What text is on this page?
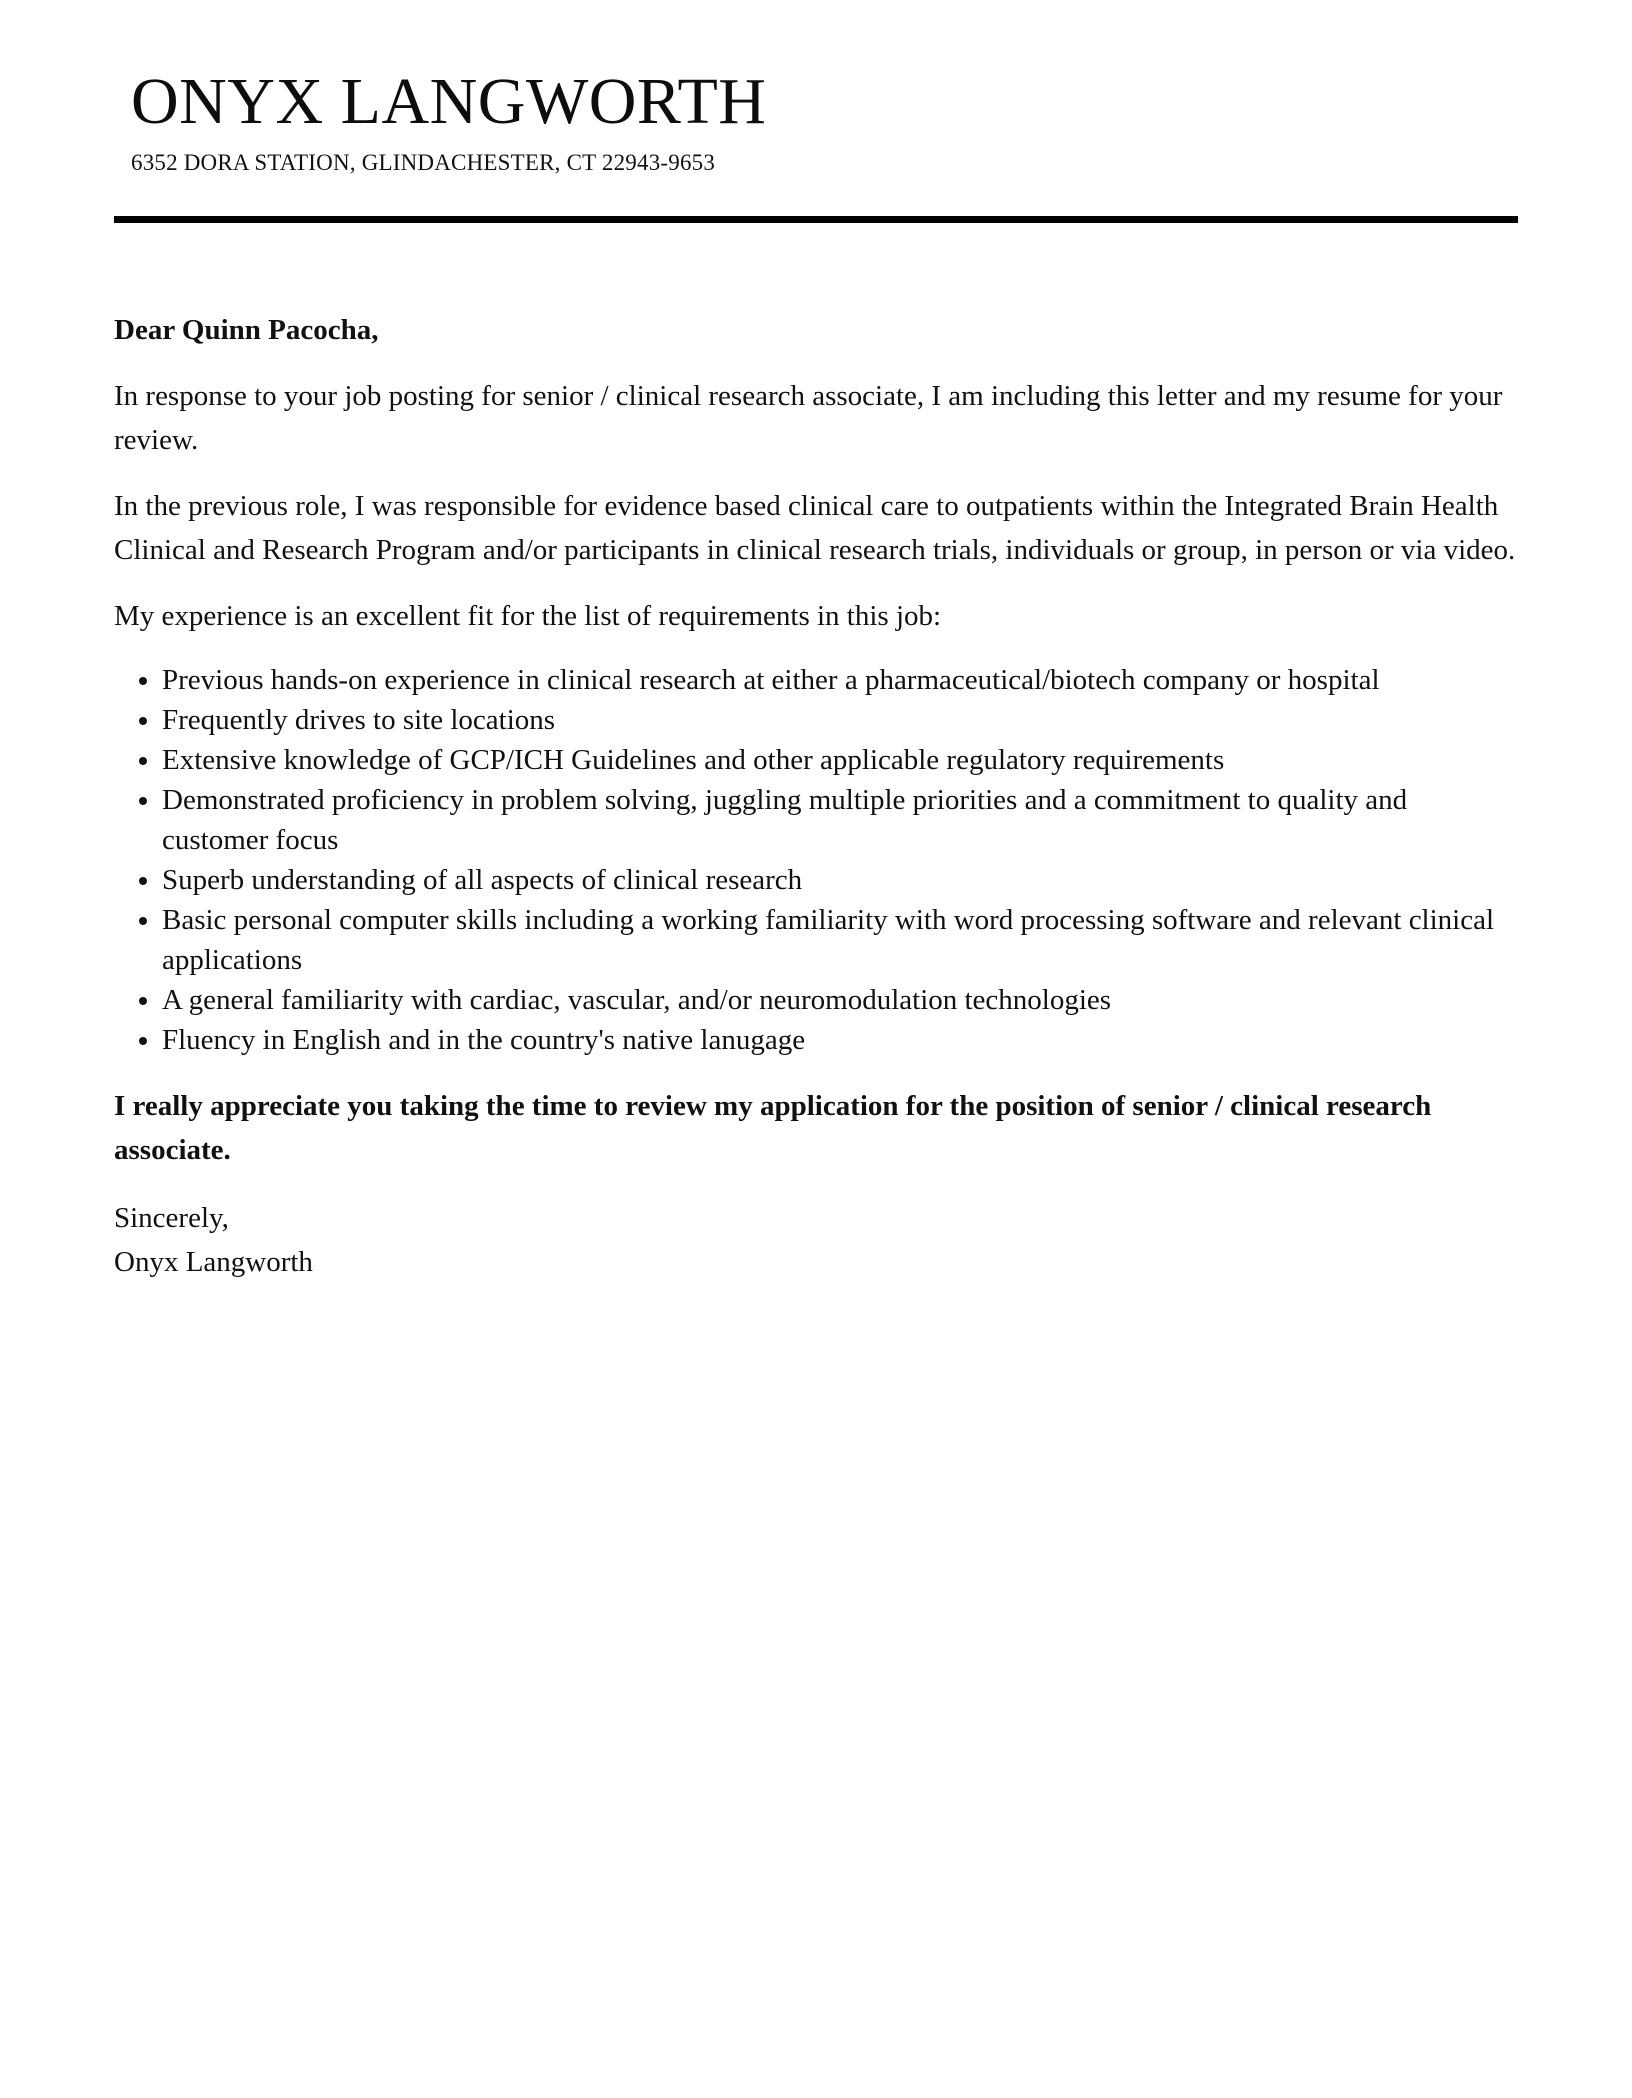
ONYX LANGWORTH
6352 DORA STATION, GLINDACHESTER, CT 22943-9653

Dear Quinn Pacocha,

In response to your job posting for senior / clinical research associate, I am including this letter and my resume for your review.

In the previous role, I was responsible for evidence based clinical care to outpatients within the Integrated Brain Health Clinical and Research Program and/or participants in clinical research trials, individuals or group, in person or via video.

My experience is an excellent fit for the list of requirements in this job:

• Previous hands-on experience in clinical research at either a pharmaceutical/biotech company or hospital
• Frequently drives to site locations
• Extensive knowledge of GCP/ICH Guidelines and other applicable regulatory requirements
• Demonstrated proficiency in problem solving, juggling multiple priorities and a commitment to quality and customer focus
• Superb understanding of all aspects of clinical research
• Basic personal computer skills including a working familiarity with word processing software and relevant clinical applications
• A general familiarity with cardiac, vascular, and/or neuromodulation technologies
• Fluency in English and in the country's native lanugage

I really appreciate you taking the time to review my application for the position of senior / clinical research associate.

Sincerely,

Onyx Langworth
